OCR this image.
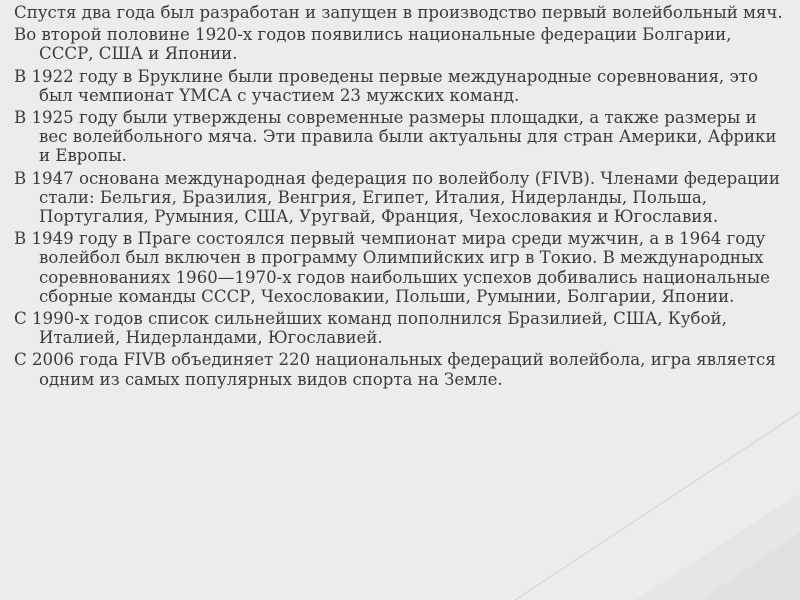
Спустя два года был разработан и запущен в производство первый волейбольный мяч.

Во второй половине 1920-х годов появились национальные федерации Болгарии, СССР, США и Японии.

В 1922 году в Бруклине были проведены первые международные соревнования, это был чемпионат YMCA с участием 23 мужских команд.

В 1925 году были утверждены современные размеры площадки, а также размеры и вес волейбольного мяча. Эти правила были актуальны для стран Америки, Африки и Европы.

В 1947 основана международная федерация по волейболу (FIVB). Членами федерации стали: Бельгия, Бразилия, Венгрия, Египет, Италия, Нидерланды, Польша, Португалия, Румыния, США, Уругвай, Франция, Чехословакия и Югославия.

В 1949 году в Праге состоялся первый чемпионат мира среди мужчин, а в 1964 году волейбол был включен в программу Олимпийских игр в Токио. В международных соревнованиях 1960—1970-х годов наибольших успехов добивались национальные сборные команды СССР, Чехословакии, Польши, Румынии, Болгарии, Японии.

С 1990-х годов список сильнейших команд пополнился Бразилией, США, Кубой, Италией, Нидерландами, Югославией.

С 2006 года FIVB объединяет 220 национальных федераций волейбола, игра является одним из самых популярных видов спорта на Земле.
